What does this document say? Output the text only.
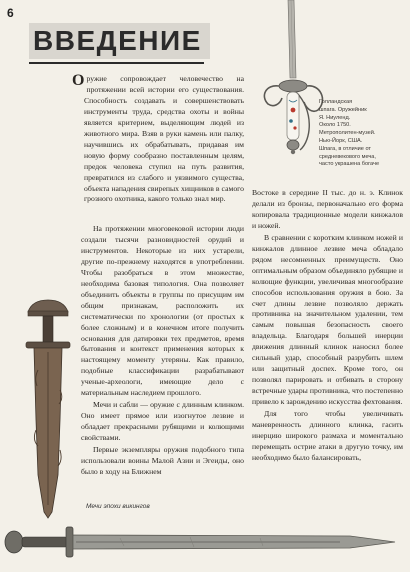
6
ВВЕДЕНИЕ
Голландская
шпага. Оружейник
Я. Ниуленд.
Около 1750.
Метрополитен-музей.
Нью-Йорк, США.
Шпага, в отличие от
средневекового меча,
часто украшена богаче

Оружие сопровождает человечество на протяжении всей истории его существования. Способность создавать и совершенствовать инструменты труда, средства охоты и войны является критерием, выделяющим людей из животного мира. Взяв в руки камень или палку, научившись их обрабатывать, придавая им новую форму сообразно поставленным целям, предок человека ступил на путь развития, превратился из слабого и уязвимого существа, объекта нападения свирепых хищников в самого грозного охотника, какого только знал мир.

На протяжении многовековой истории люди создали тысячи разновидностей орудий и инструментов. Некоторые из них устарели, другие по-прежнему находятся в употреблении. Чтобы разобраться в этом множестве, необходима базовая типология. Она позволяет объединить объекты в группы по присущим им общим признакам, расположить их систематически по хронологии (от простых к более сложным) и в конечном итоге получить основания для датировки тех предметов, время бытования и контекст применения которых к настоящему моменту утеряны. Как правило, подобные классификации разрабатывают ученые-археологи, имеющие дело с материальным наследием прошлого.

Мечи и сабли — оружие с длинным клинком. Оно имеет прямое или изогнутое лезвие и обладает прекрасными рубящими и колющими свойствами.

Первые экземпляры оружия подобного типа использовали воины Малой Азии и Эгеиды, оно было в ходу на Ближнем

Востоке в середине II тыс. до н. э. Клинок делали из бронзы, первоначально его форма копировала традиционные модели кинжалов и ножей.

В сравнении с коротким клинком ножей и кинжалов длинное лезвие меча обладало рядом несомненных преимуществ. Оно оптимальным образом объединяло рубящие и колющие функции, увеличивая многообразие способов использования оружия в бою. За счет длины лезвие позволяло держать противника на значительном удалении, тем самым повышая безопасность своего владельца. Благодаря большей инерции движения длинный клинок наносил более сильный удар, способный разрубить шлем или защитный доспех. Кроме того, он позволял парировать и отбивать в сторону встречные удары противника, что постепенно привело к зарождению искусства фехтования.

Для того чтобы увеличивать маневренность длинного клинка, гасить инерцию широкого размаха и моментально перемещать острие атаки в другую точку, им необходимо было балансировать,

Мечи эпохи викингов
